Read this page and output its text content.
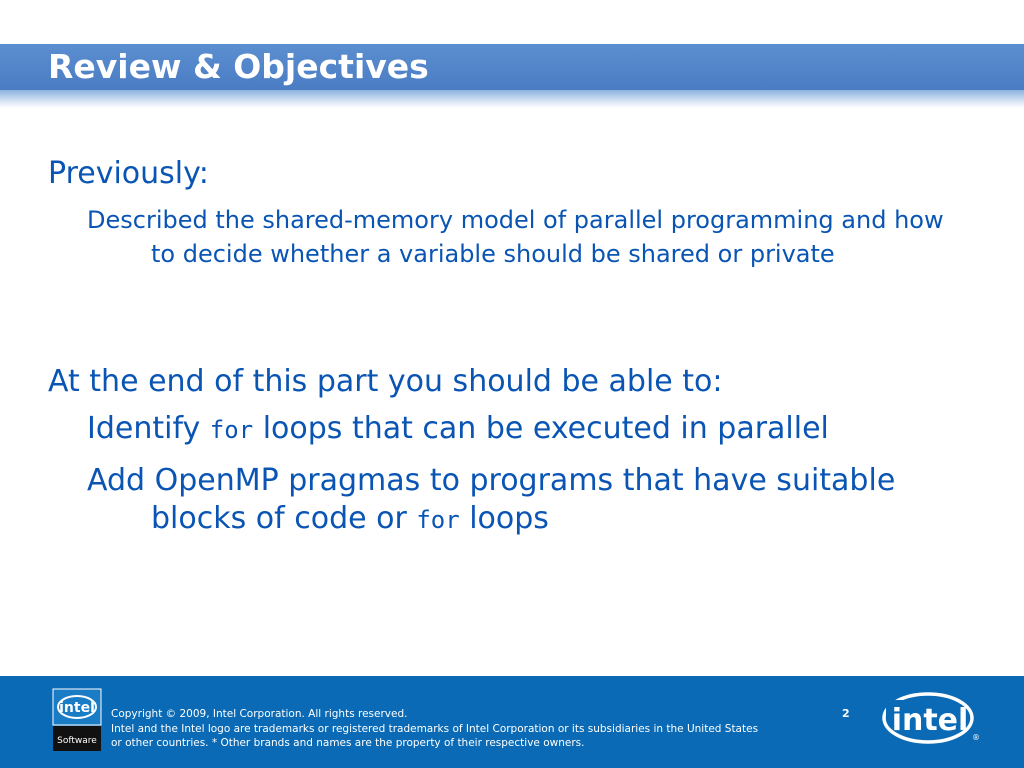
Review & Objectives

Previously:

Described the shared-memory model of parallel programming and how to decide whether a variable should be shared or private

At the end of this part you should be able to:

Identify for loops that can be executed in parallel

Add OpenMP pragmas to programs that have suitable blocks of code or for loops

intel
Software
Copyright © 2009, Intel Corporation. All rights reserved.
Intel and the Intel logo are trademarks or registered trademarks of Intel Corporation or its subsidiaries in the United States
or other countries. * Other brands and names are the property of their respective owners.
2 intel ®
